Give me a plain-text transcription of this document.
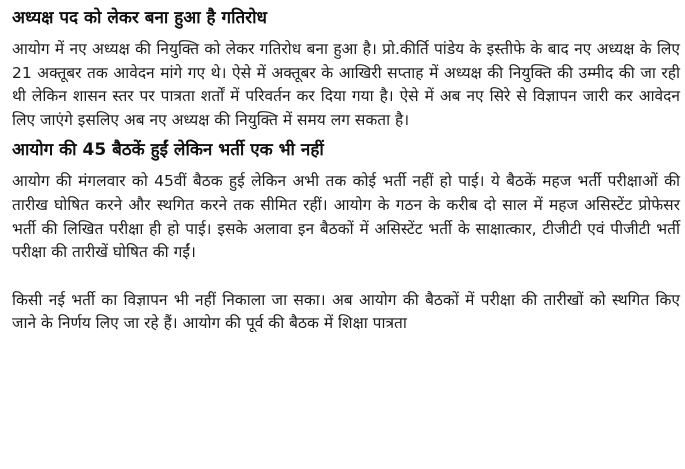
अध्यक्ष पद को लेकर बना हुआ है गतिरोध

आयोग में नए अध्यक्ष की नियुक्ति को लेकर गतिरोध बना हुआ है। प्रो.कीर्ति पांडेय के इस्तीफे के बाद नए अध्यक्ष के लिए 21 अक्तूबर तक आवेदन मांगे गए थे। ऐसे में अक्तूबर के आखिरी सप्ताह में अध्यक्ष की नियुक्ति की उम्मीद की जा रही थी लेकिन शासन स्तर पर पात्रता शर्तों में परिवर्तन कर दिया गया है। ऐसे में अब नए सिरे से विज्ञापन जारी कर आवेदन लिए जाएंगे इसलिए अब नए अध्यक्ष की नियुक्ति में समय लग सकता है।

आयोग की 45 बैठकें हुईं लेकिन भर्ती एक भी नहीं

आयोग की मंगलवार को 45वीं बैठक हुई लेकिन अभी तक कोई भर्ती नहीं हो पाई। ये बैठकें महज भर्ती परीक्षाओं की तारीख घोषित करने और स्थगित करने तक सीमित रहीं। आयोग के गठन के करीब दो साल में महज असिस्टेंट प्रोफेसर भर्ती की लिखित परीक्षा ही हो पाई। इसके अलावा इन बैठकों में असिस्टेंट भर्ती के साक्षात्कार, टीजीटी एवं पीजीटी भर्ती परीक्षा की तारीखें घोषित की गईं।

किसी नई भर्ती का विज्ञापन भी नहीं निकाला जा सका। अब आयोग की बैठकों में परीक्षा की तारीखों को स्थगित किए जाने के निर्णय लिए जा रहे हैं। आयोग की पूर्व की बैठक में शिक्षा पात्रता
